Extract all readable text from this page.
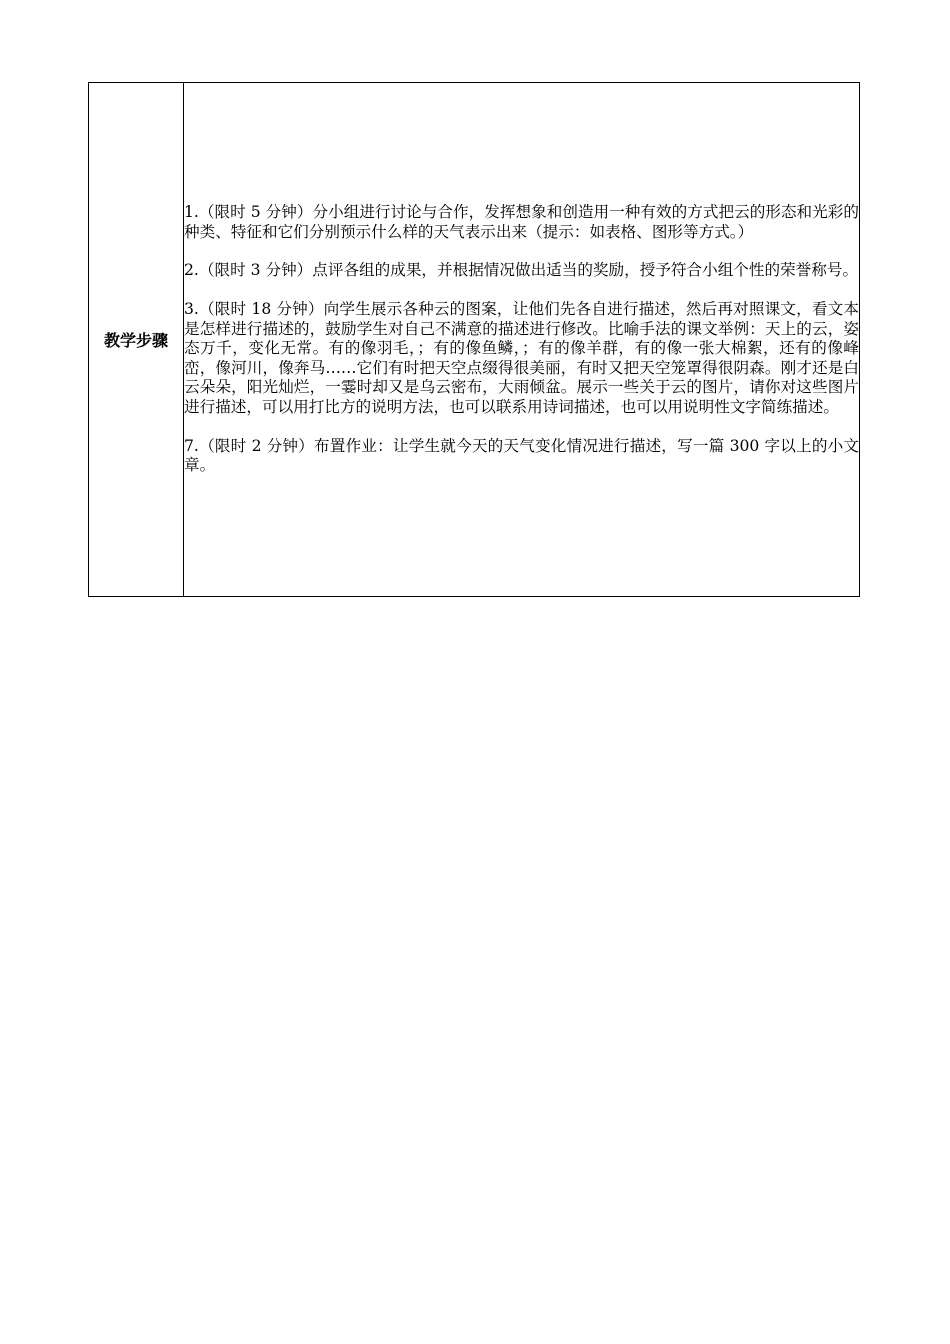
教学步骤	

1.（限时 5 分钟）分小组进行讨论与合作，发挥想象和创造用一种有效的方式把云的形态和光彩的种类、特征和它们分别预示什么样的天气表示出来（提示：如表格、图形等方式。）

2.（限时 3 分钟）点评各组的成果，并根据情况做出适当的奖励，授予符合小组个性的荣誉称号。

3.（限时 18 分钟）向学生展示各种云的图案，让他们先各自进行描述，然后再对照课文，看文本是怎样进行描述的，鼓励学生对自己不满意的描述进行修改。比喻手法的课文举例：天上的云，姿态万千，变化无常。有的像羽毛，；有的像鱼鳞，；有的像羊群，有的像一张大棉絮，还有的像峰峦，像河川，像奔马……它们有时把天空点缀得很美丽，有时又把天空笼罩得很阴森。刚才还是白云朵朵，阳光灿烂，一霎时却又是乌云密布，大雨倾盆。展示一些关于云的图片，请你对这些图片进行描述，可以用打比方的说明方法，也可以联系用诗词描述，也可以用说明性文字简练描述。

7.（限时 2 分钟）布置作业：让学生就今天的天气变化情况进行描述，写一篇 300 字以上的小文章。
